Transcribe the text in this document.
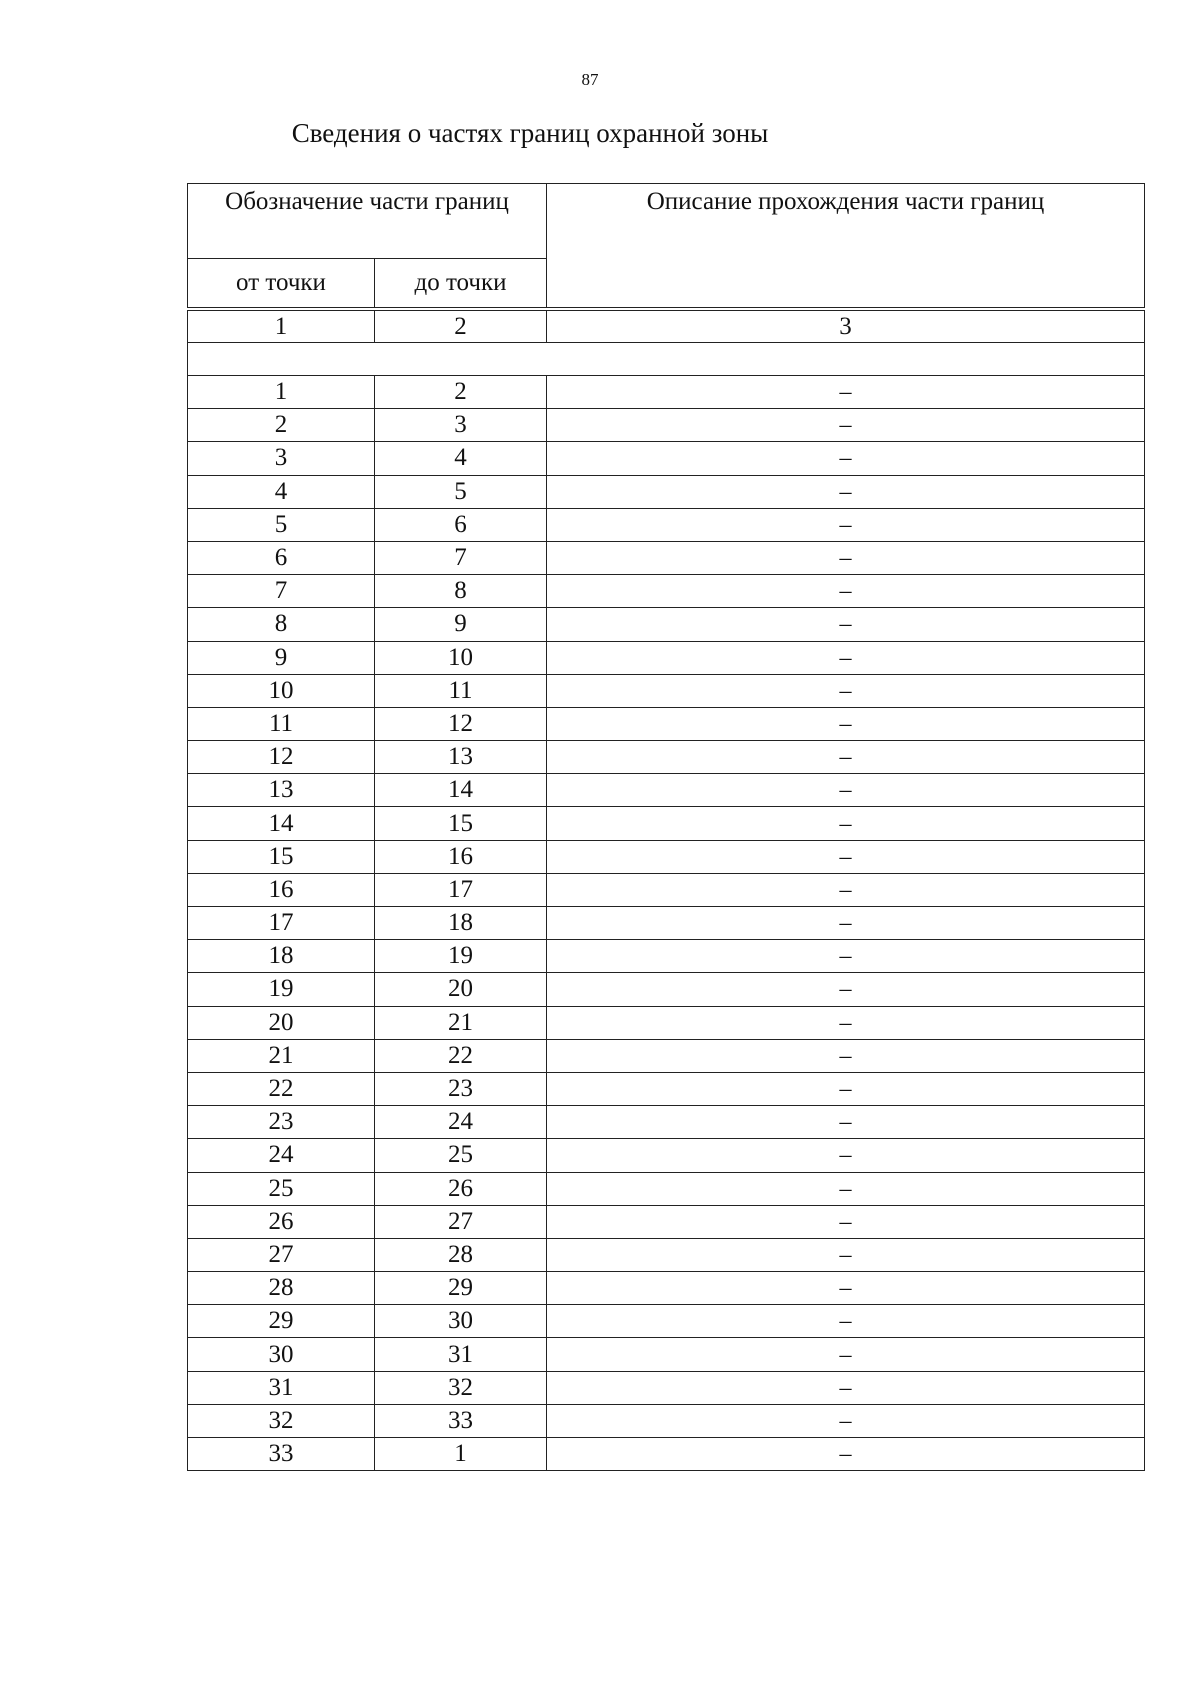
87
Сведения о частях границ охранной зоны
Обозначение части границ		Описание прохождения части границ
от точки	до точки	

1	2	3

1	2	–
2	3	–
3	4	–
4	5	–
5	6	–
6	7	–
7	8	–
8	9	–
9	10	–
10	11	–
11	12	–
12	13	–
13	14	–
14	15	–
15	16	–
16	17	–
17	18	–
18	19	–
19	20	–
20	21	–
21	22	–
22	23	–
23	24	–
24	25	–
25	26	–
26	27	–
27	28	–
28	29	–
29	30	–
30	31	–
31	32	–
32	33	–
33	1	–
